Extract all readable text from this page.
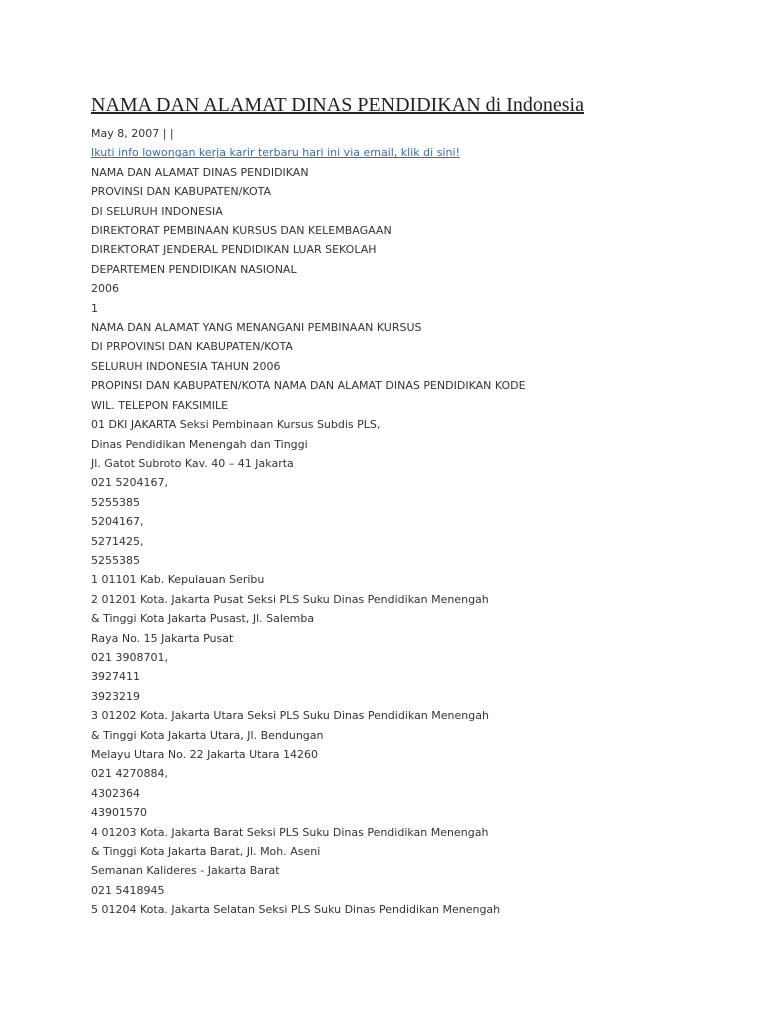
NAMA DAN ALAMAT DINAS PENDIDIKAN di Indonesia
May 8, 2007 | |
Ikuti info lowongan kerja karir terbaru hari ini via email, klik di sini!
NAMA DAN ALAMAT DINAS PENDIDIKAN
PROVINSI DAN KABUPATEN/KOTA
DI SELURUH INDONESIA
DIREKTORAT PEMBINAAN KURSUS DAN KELEMBAGAAN
DIREKTORAT JENDERAL PENDIDIKAN LUAR SEKOLAH
DEPARTEMEN PENDIDIKAN NASIONAL
2006
1
NAMA DAN ALAMAT YANG MENANGANI PEMBINAAN KURSUS
DI PRPOVINSI DAN KABUPATEN/KOTA
SELURUH INDONESIA TAHUN 2006
PROPINSI DAN KABUPATEN/KOTA NAMA DAN ALAMAT DINAS PENDIDIKAN KODE
WIL. TELEPON FAKSIMILE
01 DKI JAKARTA Seksi Pembinaan Kursus Subdis PLS,
Dinas Pendidikan Menengah dan Tinggi
Jl. Gatot Subroto Kav. 40 – 41 Jakarta
021 5204167,
5255385
5204167,
5271425,
5255385
1 01101 Kab. Kepulauan Seribu
2 01201 Kota. Jakarta Pusat Seksi PLS Suku Dinas Pendidikan Menengah
& Tinggi Kota Jakarta Pusast, Jl. Salemba
Raya No. 15 Jakarta Pusat
021 3908701,
3927411
3923219
3 01202 Kota. Jakarta Utara Seksi PLS Suku Dinas Pendidikan Menengah
& Tinggi Kota Jakarta Utara, Jl. Bendungan
Melayu Utara No. 22 Jakarta Utara 14260
021 4270884,
4302364
43901570
4 01203 Kota. Jakarta Barat Seksi PLS Suku Dinas Pendidikan Menengah
& Tinggi Kota Jakarta Barat, Jl. Moh. Aseni
Semanan Kalideres - Jakarta Barat
021 5418945
5 01204 Kota. Jakarta Selatan Seksi PLS Suku Dinas Pendidikan Menengah
